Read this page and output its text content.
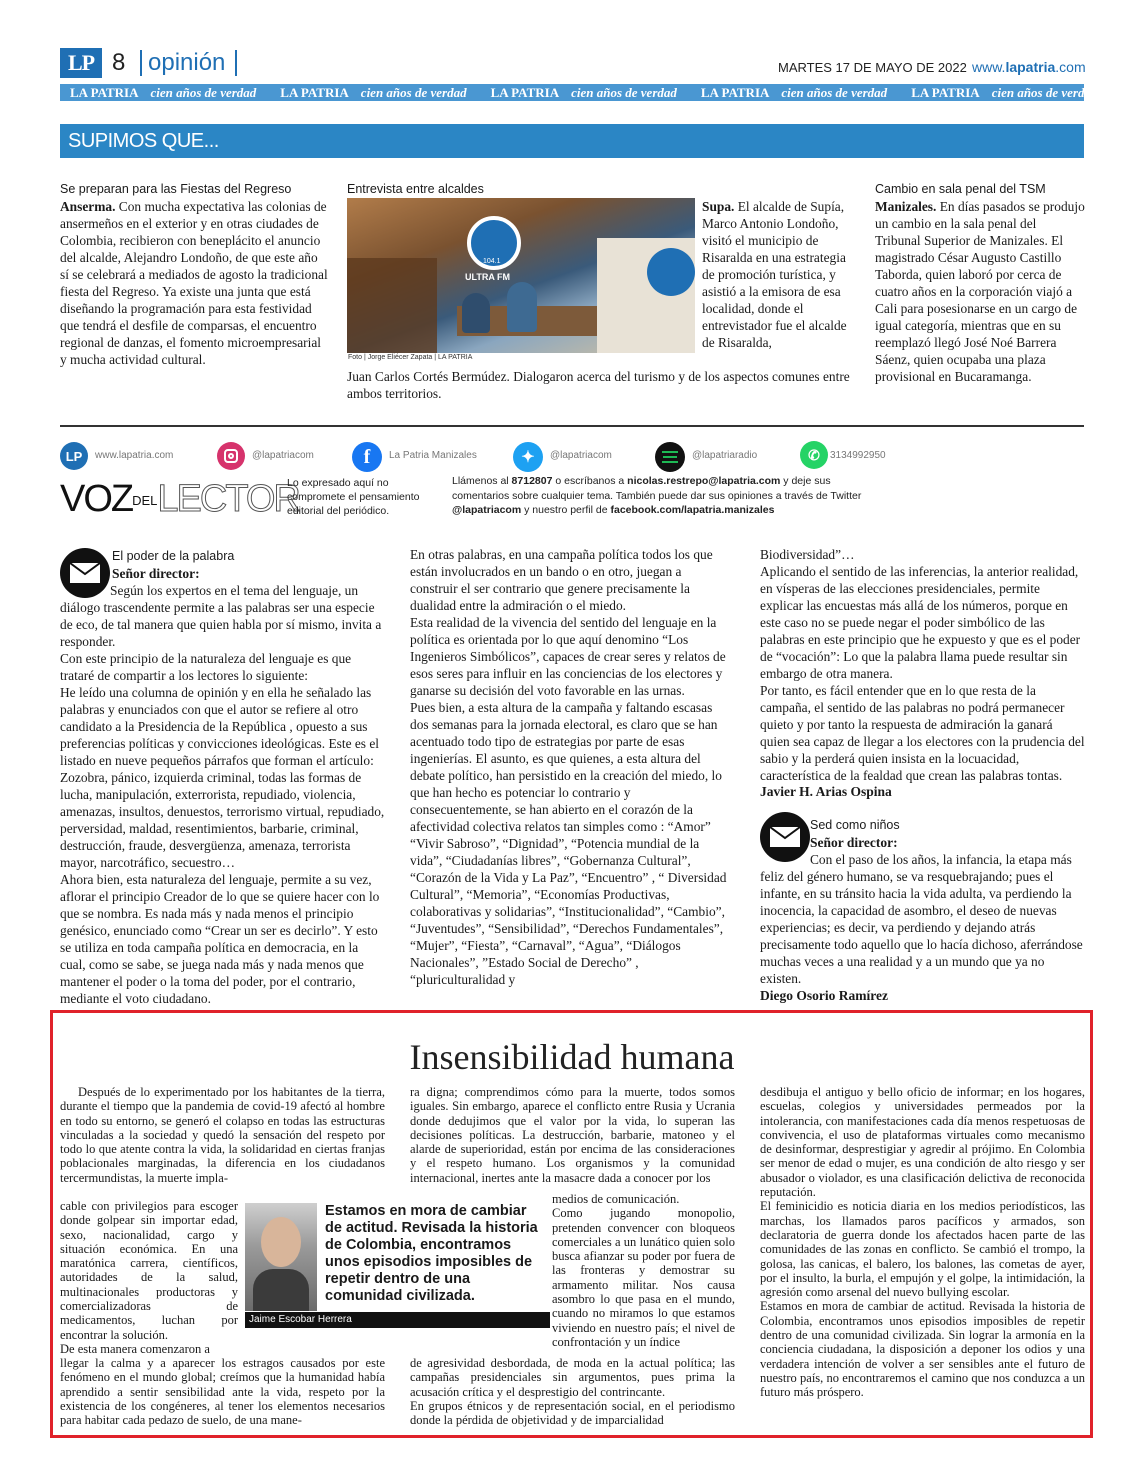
LP 8 opinión	MARTES 17 DE MAYO DE 2022 www.lapatria.com
LA PATRIA cien años de verdad LA PATRIA cien años de verdad LA PATRIA cien años de verdad LA PATRIA cien años de verdad LA PATRIA cien años de verdad
SUPIMOS QUE...

Se preparan para las Fiestas del Regreso

Anserma. Con mucha expectativa las colonias de ansermeños en el exterior y en otras ciudades de Colombia, recibieron con beneplácito el anuncio del alcalde, Alejandro Londoño, de que este año sí se celebrará a mediados de agosto la tradicional fiesta del Regreso. Ya existe una junta que está diseñando la programación para esta festividad que tendrá el desfile de comparsas, el encuentro regional de danzas, el fomento microempresarial y mucha actividad cultural.

Entrevista entre alcaldes
ULTRA FM
104.1
Foto | Jorge Eliécer Zapata | LA PATRIA

Supa. El alcalde de Supía, Marco Antonio Londoño, visitó el municipio de Risaralda en una estrategia de promoción turística, y asistió a la emisora de esa localidad, donde el entrevistador fue el alcalde de Risaralda,

Juan Carlos Cortés Bermúdez. Dialogaron acerca del turismo y de los aspectos comunes entre ambos territorios.

Cambio en sala penal del TSM

Manizales. En días pasados se produjo un cambio en la sala penal del Tribunal Superior de Manizales. El magistrado César Augusto Castillo Taborda, quien laboró por cerca de cuatro años en la corporación viajó a Cali para posesionarse en un cargo de igual categoría, mientras que en su reemplazó llegó José Noé Barrera Sáenz, quien ocupaba una plaza provisional en Bucaramanga.

LP	www.lapatria.com	@lapatriacom	f	La Patria Manizales	✦	@lapatriacom	@lapatriaradio	✆	3134992950
VOZDELLECTOR
Lo expresado aquí no compromete el pensamiento editorial del periódico.
Llámenos al 8712807 o escríbanos a nicolas.restrepo@lapatria.com y deje sus comentarios sobre cualquier tema. También puede dar sus opiniones a través de Twitter @lapatriacom y nuestro perfil de facebook.com/lapatria.manizales
El poder de la palabra
Señor director:
Según los expertos en el tema del lenguaje, un diálogo trascendente permite a las palabras ser una especie de eco, de tal manera que quien habla por sí mismo, invita a responder.
Con este principio de la naturaleza del lenguaje es que trataré de compartir a los lectores lo siguiente:
He leído una columna de opinión y en ella he señalado las palabras y enunciados con que el autor se refiere al otro candidato a la Presidencia de la República , opuesto a sus preferencias políticas y convicciones ideológicas. Este es el listado en nueve pequeños párrafos que forman el artículo: Zozobra, pánico, izquierda criminal, todas las formas de lucha, manipulación, exterrorista, repudiado, violencia, amenazas, insultos, denuestos, terrorismo virtual, repudiado, perversidad, maldad, resentimientos, barbarie, criminal, destrucción, fraude, desvergüenza, amenaza, terrorista mayor, narcotráfico, secuestro…
Ahora bien, esta naturaleza del lenguaje, permite a su vez, aflorar el principio Creador de lo que se quiere hacer con lo que se nombra. Es nada más y nada menos el principio genésico, enunciado como “Crear un ser es decirlo”. Y esto se utiliza en toda campaña política en democracia, en la cual, como se sabe, se juega nada más y nada menos que mantener el poder o la toma del poder, por el contrario, mediante el voto ciudadano.
En otras palabras, en una campaña política todos los que están involucrados en un bando o en otro, juegan a construir el ser contrario que genere precisamente la dualidad entre la admiración o el miedo.
Esta realidad de la vivencia del sentido del lenguaje en la política es orientada por lo que aquí denomino “Los Ingenieros Simbólicos”, capaces de crear seres y relatos de esos seres para influir en las conciencias de los electores y ganarse su decisión del voto favorable en las urnas.
Pues bien, a esta altura de la campaña y faltando escasas dos semanas para la jornada electoral, es claro que se han acentuado todo tipo de estrategias por parte de esas ingenierías. El asunto, es que quienes, a esta altura del debate político, han persistido en la creación del miedo, lo que han hecho es potenciar lo contrario y consecuentemente, se han abierto en el corazón de la afectividad colectiva relatos tan simples como : “Amor” “Vivir Sabroso”, “Dignidad”, “Potencia mundial de la vida”, “Ciudadanías libres”, “Gobernanza Cultural”, “Corazón de la Vida y La Paz”, “Encuentro” , “ Diversidad Cultural”, “Memoria”, “Economías Productivas, colaborativas y solidarias”, “Institucionalidad”, “Cambio”, “Juventudes”, “Sensibilidad”, “Derechos Fundamentales”, “Mujer”, “Fiesta”, “Carnaval”, “Agua”, “Diálogos Nacionales”, ”Estado Social de Derecho” , “pluriculturalidad y
Biodiversidad”…
Aplicando el sentido de las inferencias, la anterior realidad, en vísperas de las elecciones presidenciales, permite explicar las encuestas más allá de los números, porque en este caso no se puede negar el poder simbólico de las palabras en este principio que he expuesto y que es el poder de “vocación”: Lo que la palabra llama puede resultar sin embargo de otra manera.
Por tanto, es fácil entender que en lo que resta de la campaña, el sentido de las palabras no podrá permanecer quieto y por tanto la respuesta de admiración la ganará quien sea capaz de llegar a los electores con la prudencia del sabio y la perderá quien insista en la locuacidad, característica de la fealdad que crean las palabras tontas.
Javier H. Arias Ospina
Sed como niños
Señor director:
Con el paso de los años, la infancia, la etapa más feliz del género humano, se va resquebrajando; pues el infante, en su tránsito hacia la vida adulta, va perdiendo la inocencia, la capacidad de asombro, el deseo de nuevas experiencias; es decir, va perdiendo y dejando atrás precisamente todo aquello que lo hacía dichoso, aferrándose muchas veces a una realidad y a un mundo que ya no existen.
Diego Osorio Ramírez
Insensibilidad humana
Después de lo experimentado por los habitantes de la tierra, durante el tiempo que la pandemia de covid-19 afectó al hombre en todo su entorno, se generó el colapso en todas las estructuras vinculadas a la sociedad y quedó la sensación del respeto por todo lo que atente contra la vida, la solidaridad en ciertas franjas poblacionales marginadas, la diferencia en los ciudadanos tercermundistas, la muerte impla-
cable con privilegios para escoger donde golpear sin importar edad, sexo, nacionalidad, cargo y situación económica. En una maratónica carrera, científicos, autoridades de la salud, multinacionales productoras y comercializadoras de medicamentos, luchan por encontrar la solución.
De esta manera comenzaron a
llegar la calma y a aparecer los estragos causados por este fenómeno en el mundo global; creímos que la humanidad había aprendido a sentir sensibilidad ante la vida, respeto por la existencia de los congéneres, al tener los elementos necesarios para habitar cada pedazo de suelo, de una mane-
Jaime Escobar Herrera
Estamos en mora de cambiar de actitud. Revisada la historia de Colombia, encontramos unos episodios imposibles de repetir dentro de una comunidad civilizada.
ra digna; comprendimos cómo para la muerte, todos somos iguales. Sin embargo, aparece el conflicto entre Rusia y Ucrania donde dedujimos que el valor por la vida, lo superan las decisiones políticas. La destrucción, barbarie, matoneo y el alarde de superioridad, están por encima de las consideraciones y el respeto humano. Los organismos y la comunidad internacional, inertes ante la masacre dada a conocer por los
medios de comunicación.
Como jugando monopolio, pretenden convencer con bloqueos comerciales a un lunático quien solo busca afianzar su poder por fuera de las fronteras y demostrar su armamento militar. Nos causa asombro lo que pasa en el mundo, cuando no miramos lo que estamos viviendo en nuestro país; el nivel de confrontación y un índice
de agresividad desbordada, de moda en la actual política; las campañas presidenciales sin argumentos, pues prima la acusación crítica y el desprestigio del contrincante.
En grupos étnicos y de representación social, en el periodismo donde la pérdida de objetividad y de imparcialidad
desdibuja el antiguo y bello oficio de informar; en los hogares, escuelas, colegios y universidades permeados por la intolerancia, con manifestaciones cada día menos respetuosas de convivencia, el uso de plataformas virtuales como mecanismo de desinformar, desprestigiar y agredir al prójimo. En Colombia ser menor de edad o mujer, es una condición de alto riesgo y ser abusador o violador, es una clasificación delictiva de reconocida reputación.
El feminicidio es noticia diaria en los medios periodísticos, las marchas, los llamados paros pacíficos y armados, son declaratoria de guerra donde los afectados hacen parte de las comunidades de las zonas en conflicto. Se cambió el trompo, la golosa, las canicas, el balero, los balones, las cometas de ayer, por el insulto, la burla, el empujón y el golpe, la intimidación, la agresión como arsenal del nuevo bullying escolar.
Estamos en mora de cambiar de actitud. Revisada la historia de Colombia, encontramos unos episodios imposibles de repetir dentro de una comunidad civilizada. Sin lograr la armonía en la conciencia ciudadana, la disposición a deponer los odios y una verdadera intención de volver a ser sensibles ante el futuro de nuestro país, no encontraremos el camino que nos conduzca a un futuro más próspero.
